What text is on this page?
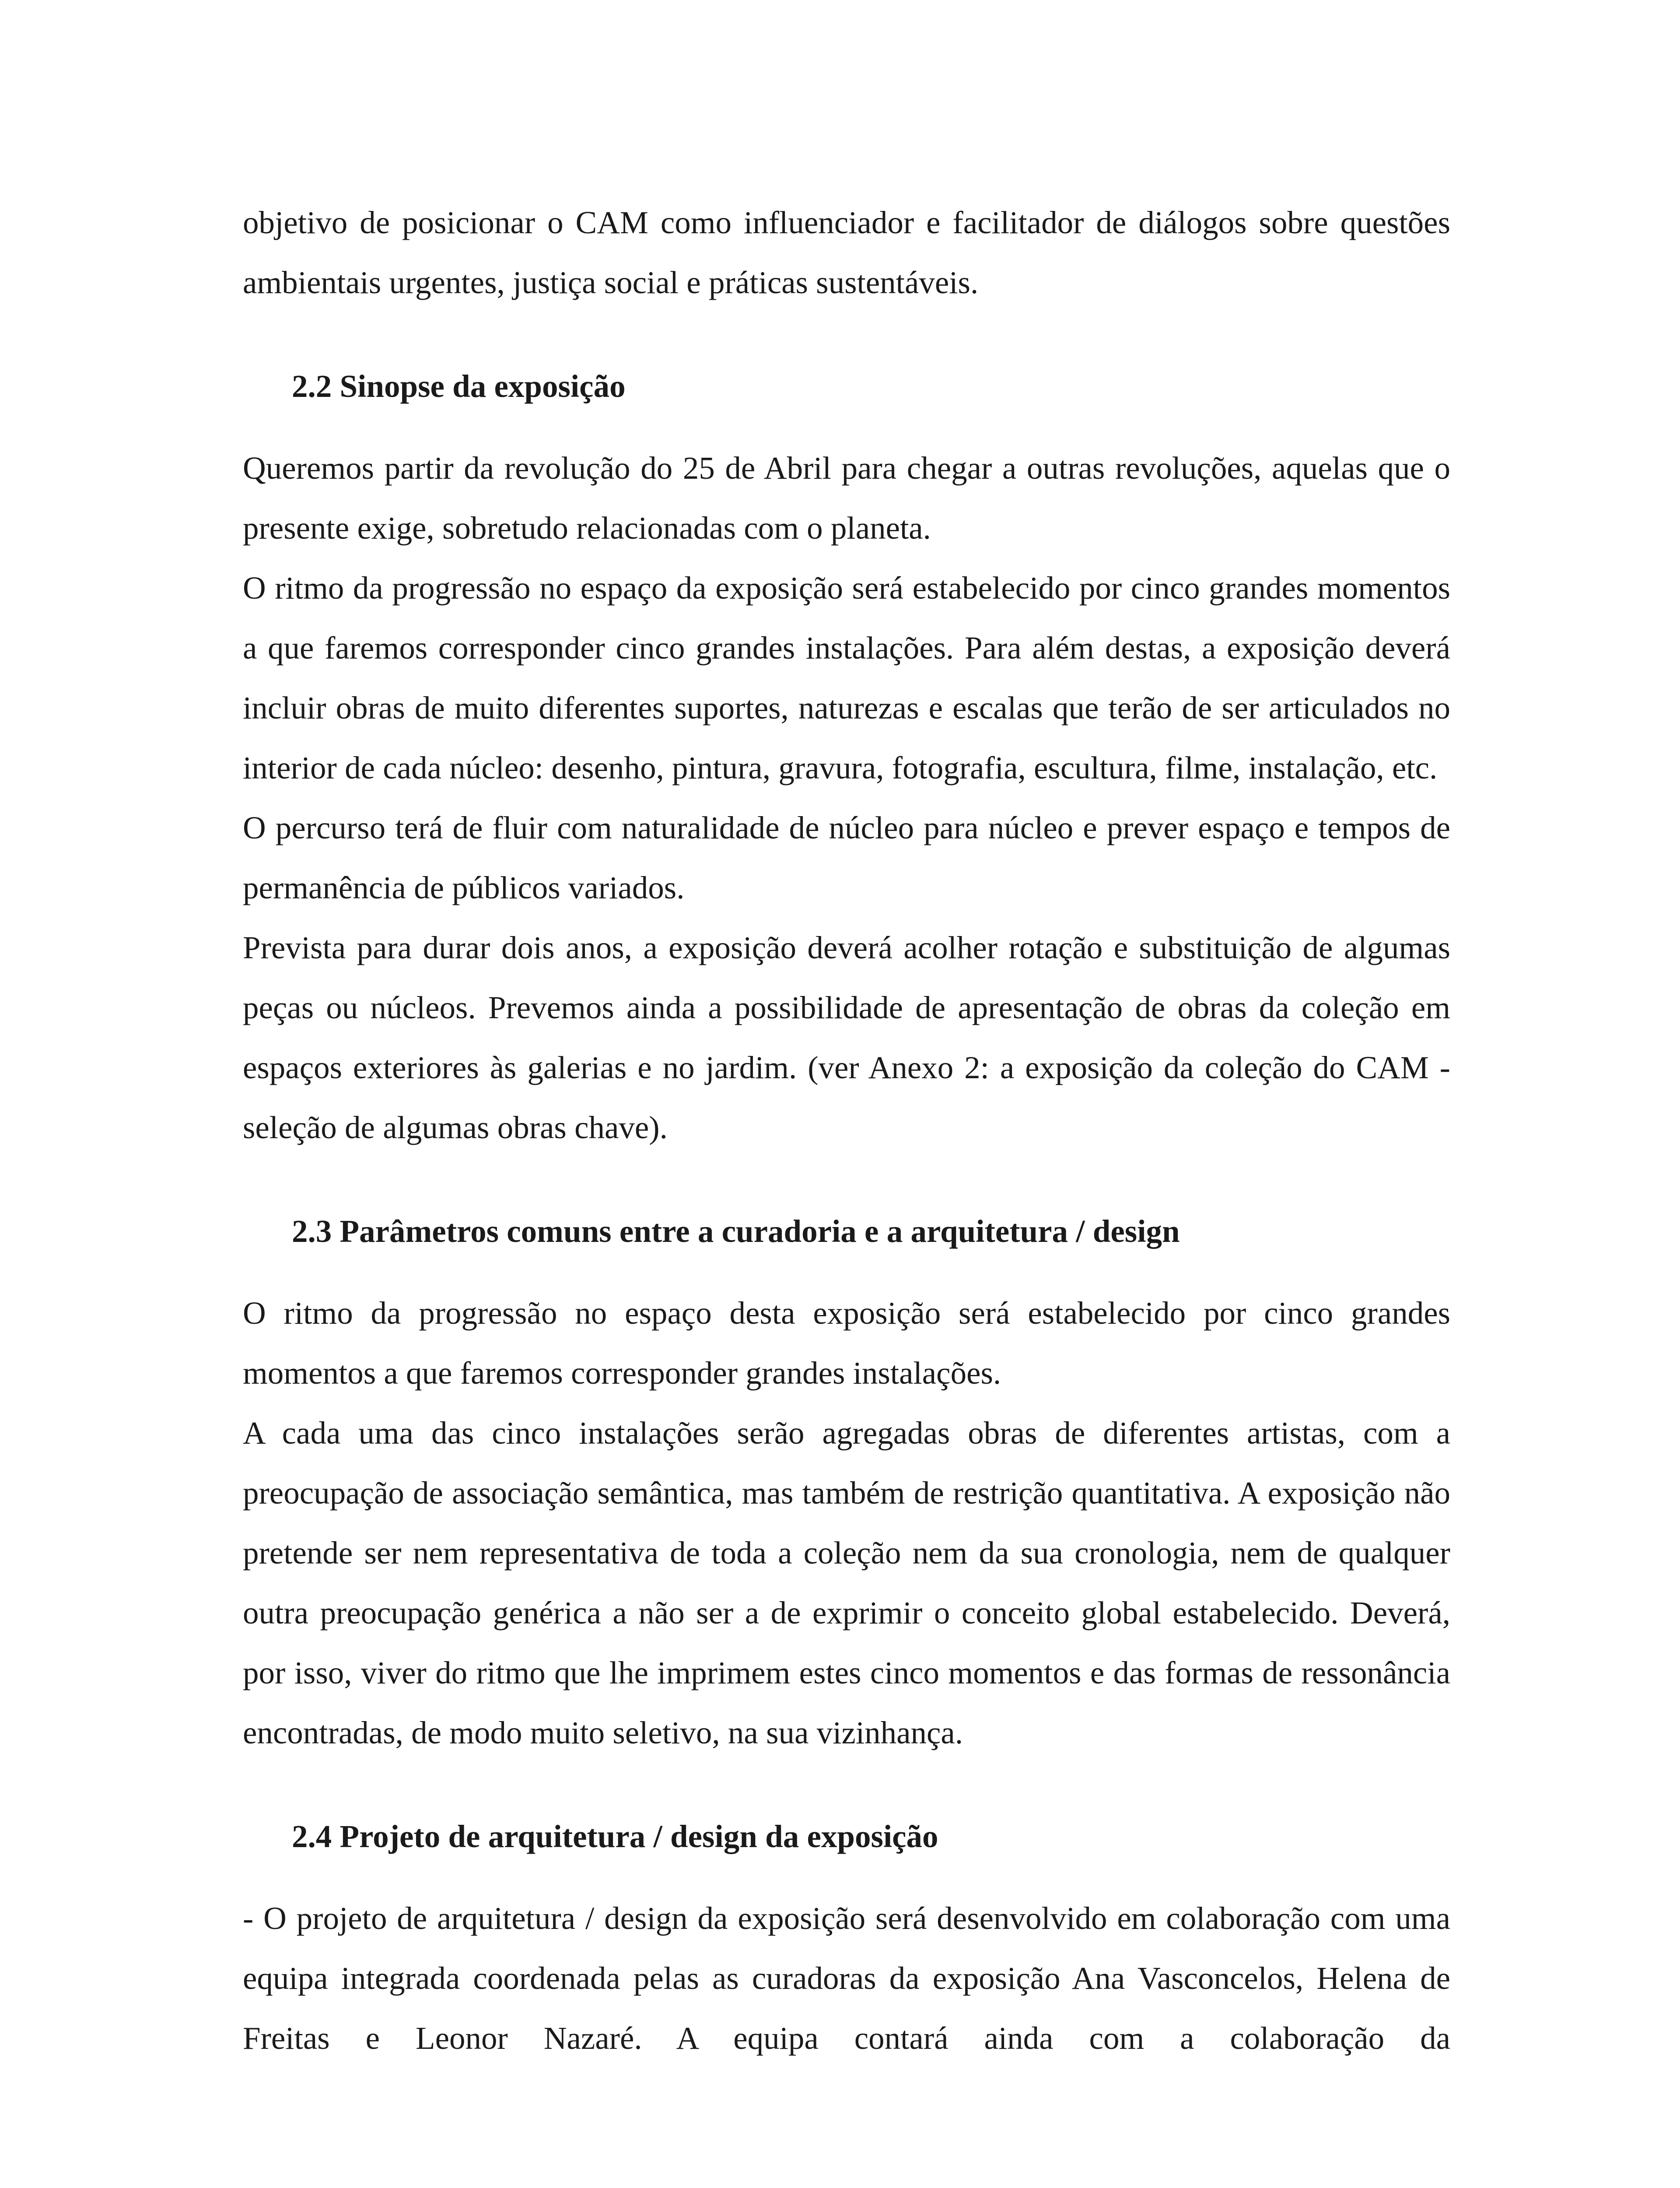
objetivo de posicionar o CAM como influenciador e facilitador de diálogos sobre questões ambientais urgentes, justiça social e práticas sustentáveis.

2.2 Sinopse da exposição

Queremos partir da revolução do 25 de Abril para chegar a outras revoluções, aquelas que o presente exige, sobretudo relacionadas com o planeta.

O ritmo da progressão no espaço da exposição será estabelecido por cinco grandes momentos a que faremos corresponder cinco grandes instalações. Para além destas, a exposição deverá incluir obras de muito diferentes suportes, naturezas e escalas que terão de ser articulados no interior de cada núcleo: desenho, pintura, gravura, fotografia, escultura, filme, instalação, etc.

O percurso terá de fluir com naturalidade de núcleo para núcleo e prever espaço e tempos de permanência de públicos variados.

Prevista para durar dois anos, a exposição deverá acolher rotação e substituição de algumas peças ou núcleos. Prevemos ainda a possibilidade de apresentação de obras da coleção em espaços exteriores às galerias e no jardim. (ver Anexo 2: a exposição da coleção do CAM - seleção de algumas obras chave).

2.3 Parâmetros comuns entre a curadoria e a arquitetura / design

O ritmo da progressão no espaço desta exposição será estabelecido por cinco grandes momentos a que faremos corresponder grandes instalações.

A cada uma das cinco instalações serão agregadas obras de diferentes artistas, com a preocupação de associação semântica, mas também de restrição quantitativa. A exposição não pretende ser nem representativa de toda a coleção nem da sua cronologia, nem de qualquer outra preocupação genérica a não ser a de exprimir o conceito global estabelecido. Deverá, por isso, viver do ritmo que lhe imprimem estes cinco momentos e das formas de ressonância encontradas, de modo muito seletivo, na sua vizinhança.

2.4 Projeto de arquitetura / design da exposição

- O projeto de arquitetura / design da exposição será desenvolvido em colaboração com uma equipa integrada coordenada pelas as curadoras da exposição Ana Vasconcelos, Helena de Freitas e Leonor Nazaré. A equipa contará ainda com a colaboração da
